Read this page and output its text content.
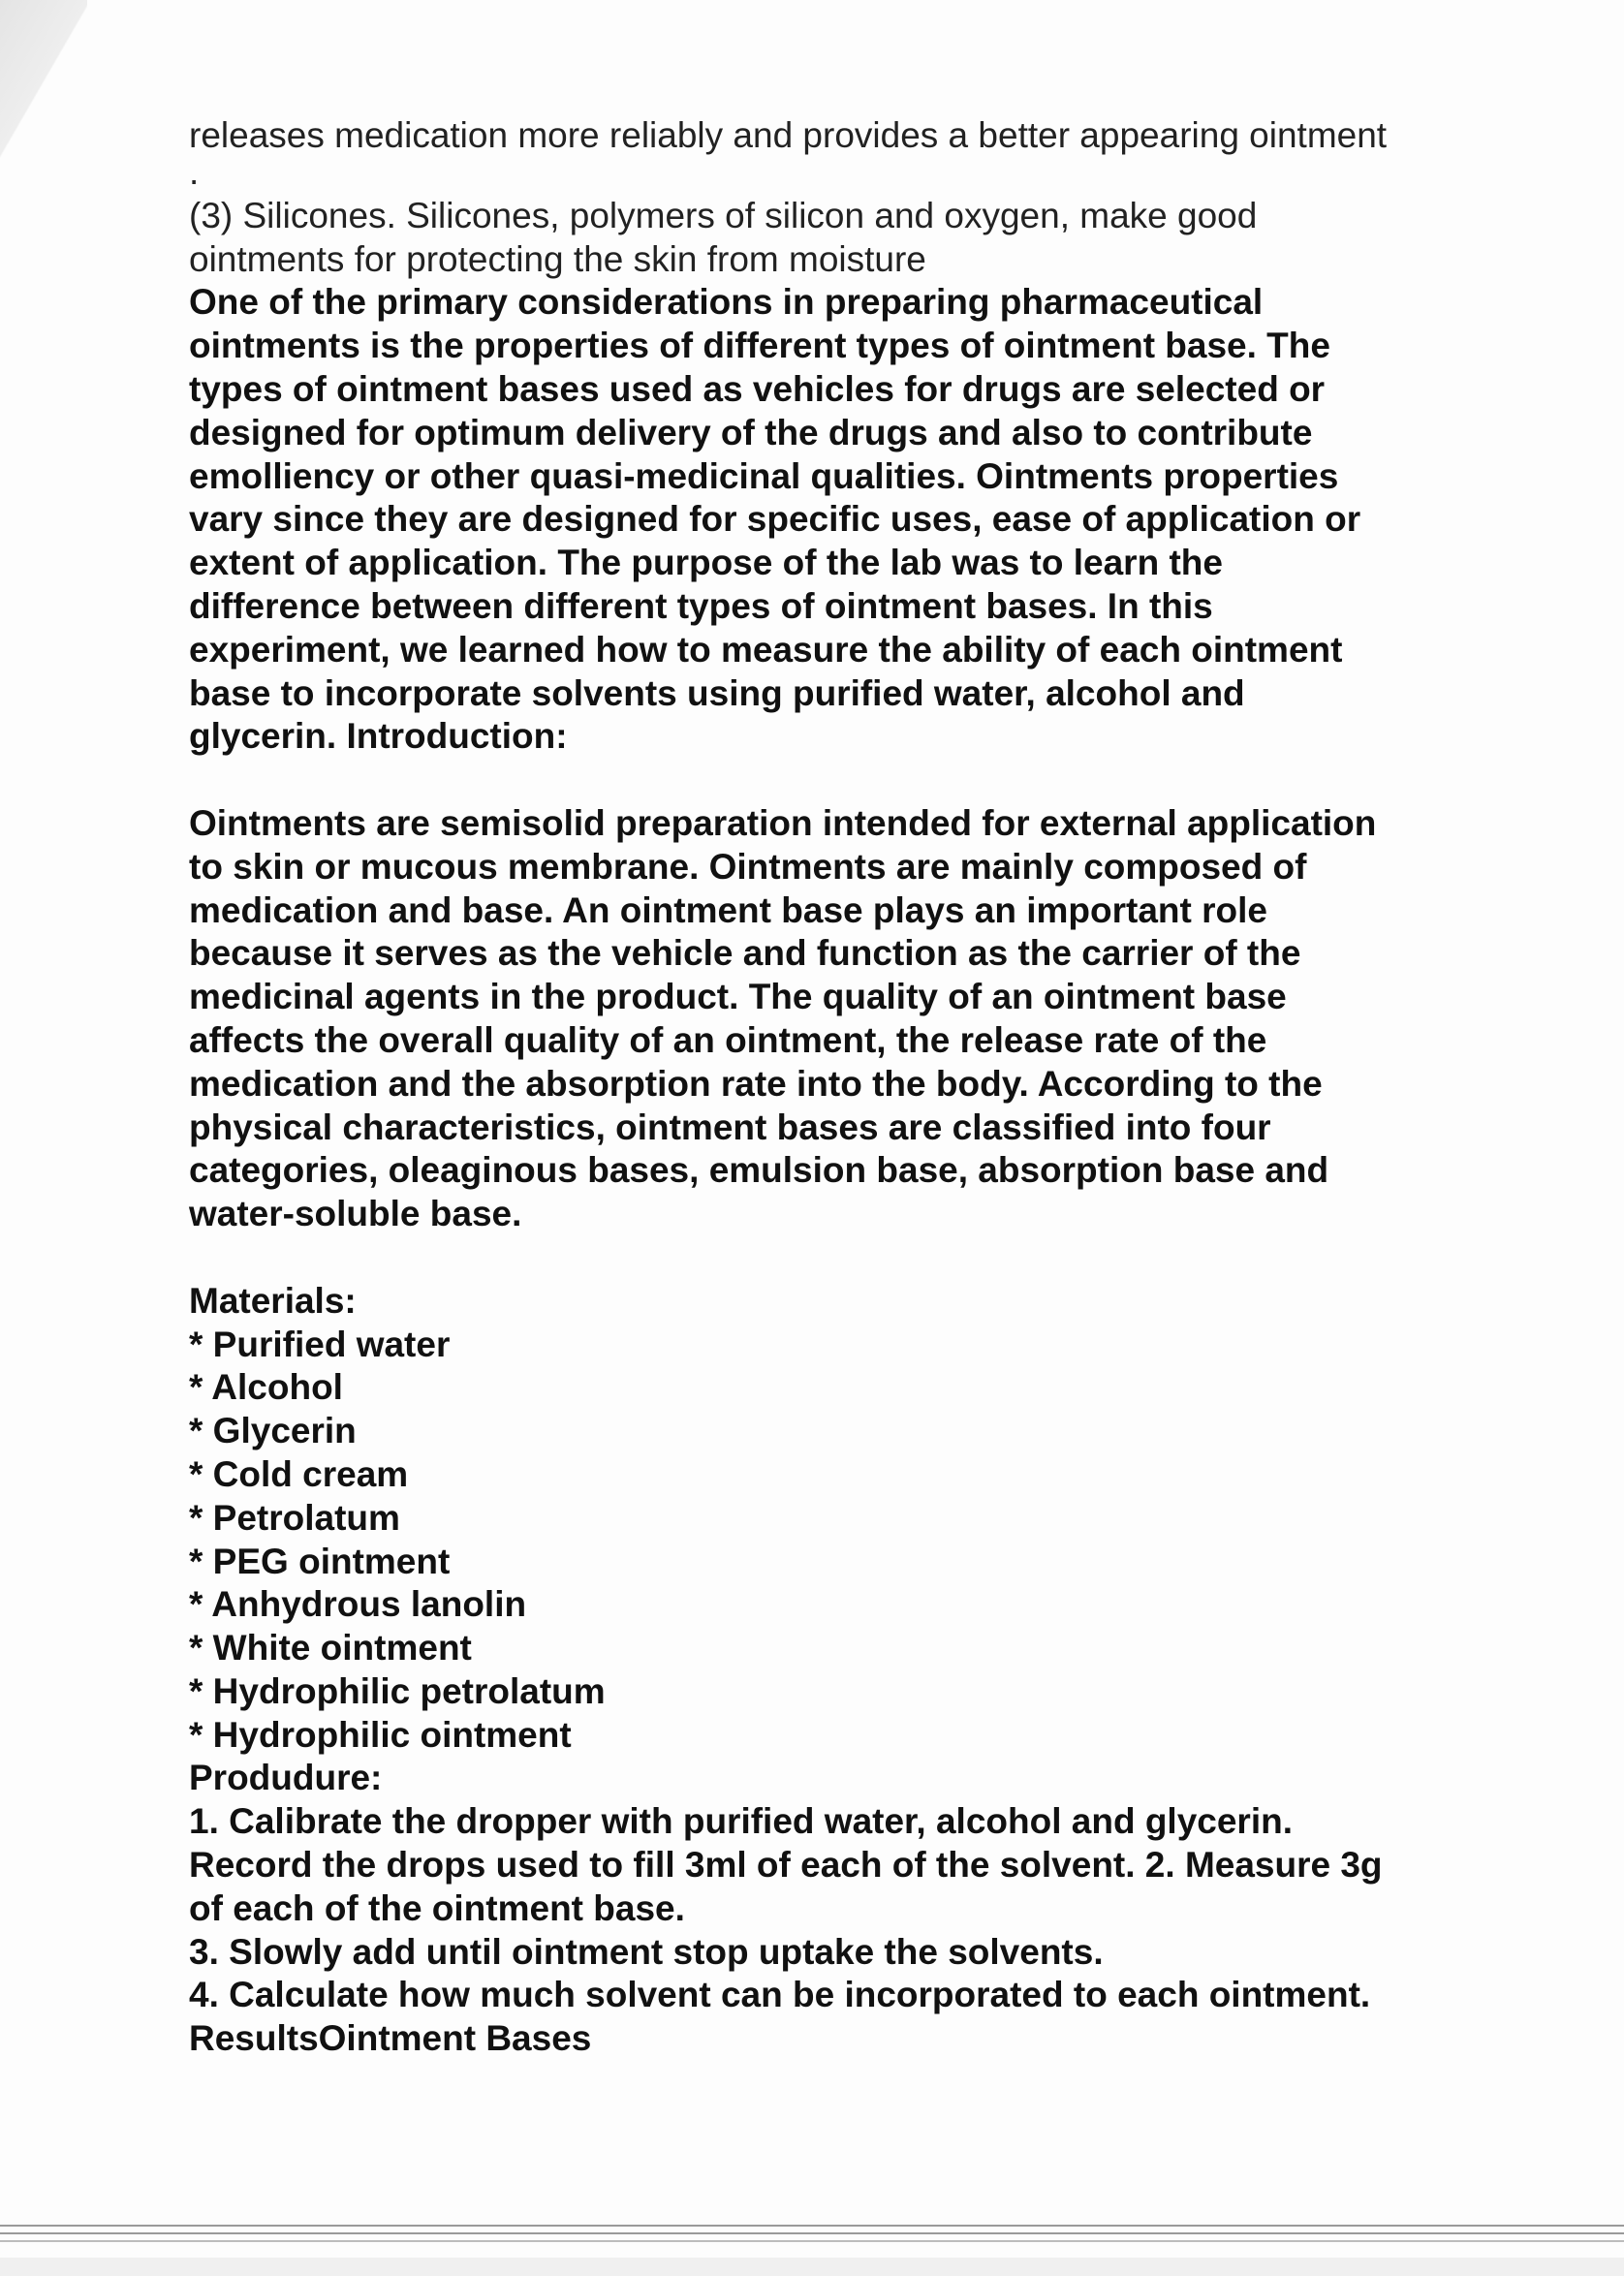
releases medication more reliably and provides a better appearing ointment
.
(3) Silicones. Silicones, polymers of silicon and oxygen, make good
ointments for protecting the skin from moisture
One of the primary considerations in preparing pharmaceutical
ointments is the properties of different types of ointment base. The
types of ointment bases used as vehicles for drugs are selected or
designed for optimum delivery of the drugs and also to contribute
emolliency or other quasi-medicinal qualities. Ointments properties
vary since they are designed for specific uses, ease of application or
extent of application. The purpose of the lab was to learn the
difference between different types of ointment bases. In this
experiment, we learned how to measure the ability of each ointment
base to incorporate solvents using purified water, alcohol and
glycerin. Introduction:
Ointments are semisolid preparation intended for external application
to skin or mucous membrane. Ointments are mainly composed of
medication and base. An ointment base plays an important role
because it serves as the vehicle and function as the carrier of the
medicinal agents in the product. The quality of an ointment base
affects the overall quality of an ointment, the release rate of the
medication and the absorption rate into the body. According to the
physical characteristics, ointment bases are classified into four
categories, oleaginous bases, emulsion base, absorption base and
water-soluble base.
Materials:
* Purified water
* Alcohol
* Glycerin
* Cold cream
* Petrolatum
* PEG ointment
* Anhydrous lanolin
* White ointment
* Hydrophilic petrolatum
* Hydrophilic ointment
Produdure:
1. Calibrate the dropper with purified water, alcohol and glycerin.
Record the drops used to fill 3ml of each of the solvent. 2. Measure 3g
of each of the ointment base.
3. Slowly add until ointment stop uptake the solvents.
4. Calculate how much solvent can be incorporated to each ointment.
ResultsOintment Bases
